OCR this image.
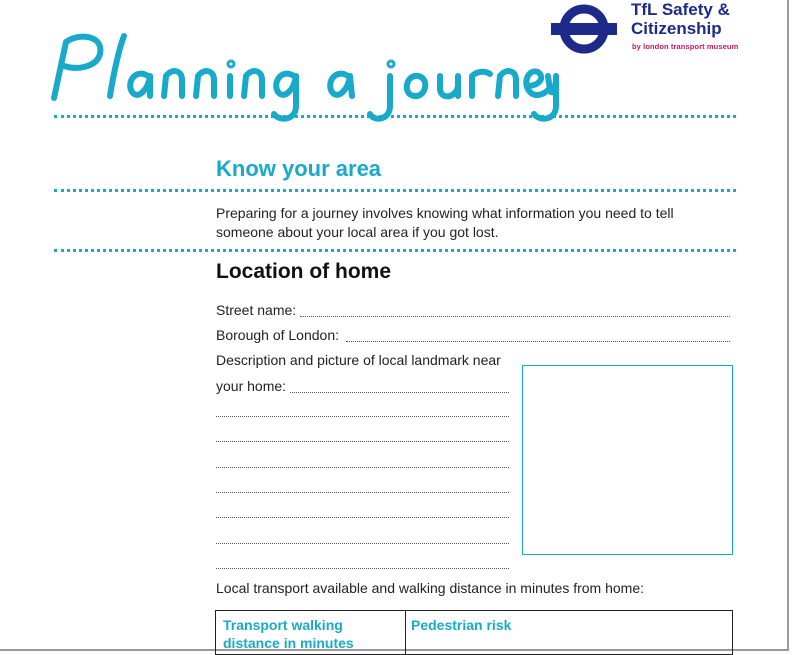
TfL Safety &
Citizenship
by london transport museum
Know your area
Preparing for a journey involves knowing what information you need to tell
someone about your local area if you got lost.
Location of home
Street name:
Borough of London:
Description and picture of local landmark near
your home:
Local transport available and walking distance in minutes from home:
Transport walking
distance in minutes
Pedestrian risk
